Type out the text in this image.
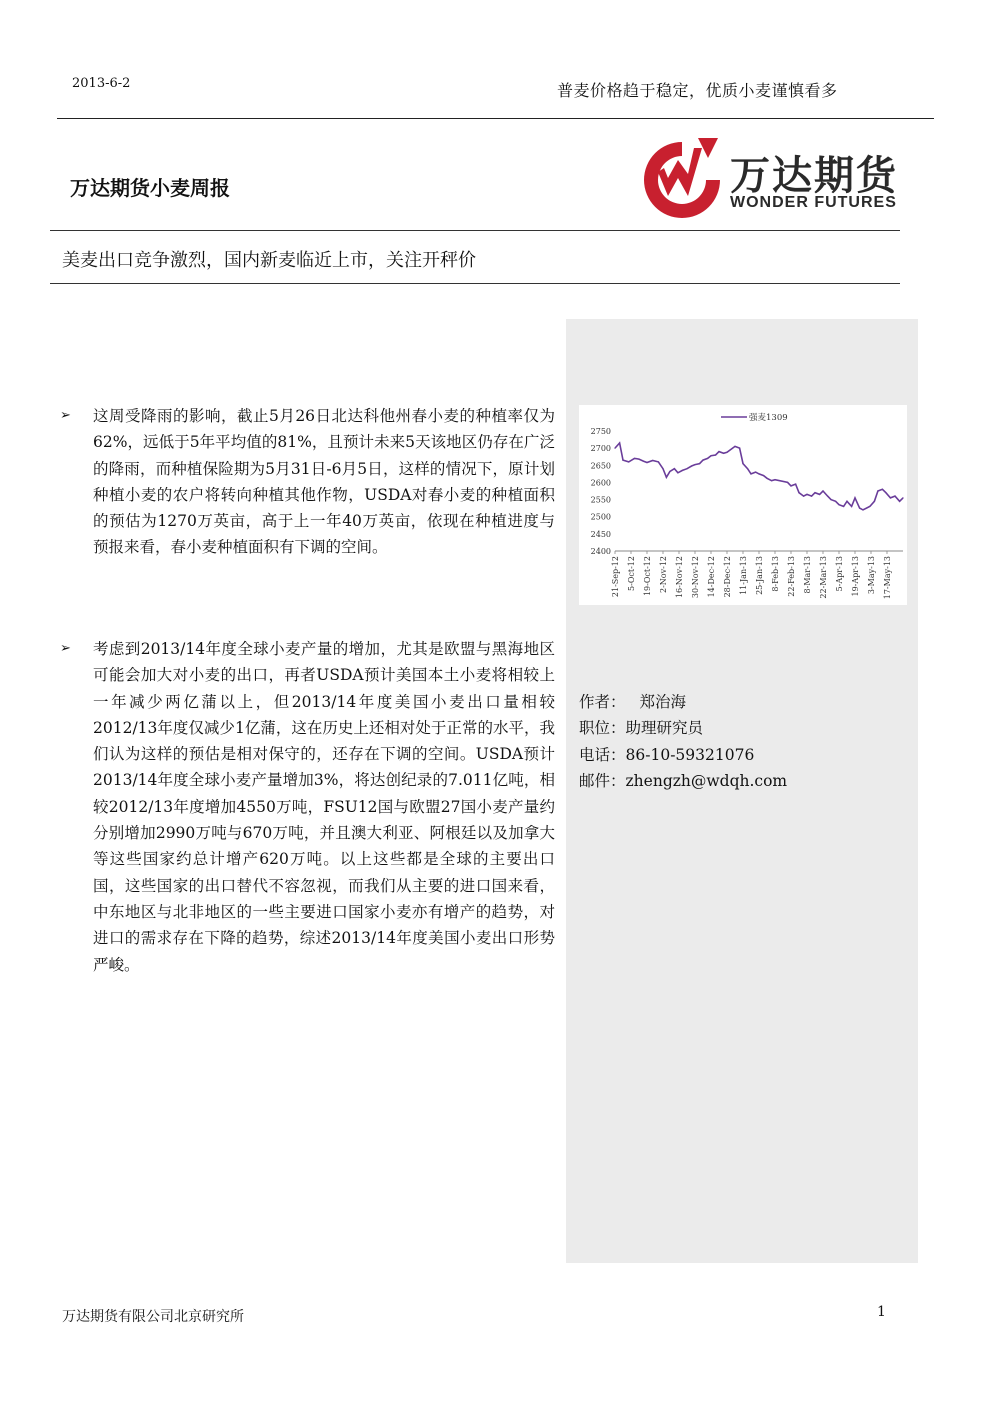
2013-6-2	普麦价格趋于稳定，优质小麦谨慎看多
万达期货小麦周报	万达期货
WONDER FUTURES
美麦出口竞争激烈，国内新麦临近上市，关注开秤价
2400
2450
2500
2550
2600
2650
2700
2750
21-Sep-12 5-Oct-12 19-Oct-12 2-Nov-12 16-Nov-12 30-Nov-12 14-Dec-12 28-Dec-12 11-Jan-13 25-Jan-13 8-Feb-13 22-Feb-13 8-Mar-13 22-Mar-13 5-Apr-13 19-Apr-13 3-May-13 17-May-13
强麦1309
➢ 这周受降雨的影响，截止5月26日北达科他州春小麦的种植率仅为62%，远低于5年平均值的81%，且预计未来5天该地区仍存在广泛的降雨，而种植保险期为5月31日-6月5日，这样的情况下，原计划种植小麦的农户将转向种植其他作物，USDA对春小麦的种植面积的预估为1270万英亩，高于上一年40万英亩，依现在种植进度与预报来看，春小麦种植面积有下调的空间。
➢ 考虑到2013/14年度全球小麦产量的增加，尤其是欧盟与黑海地区可能会加大对小麦的出口，再者USDA预计美国本土小麦将相较上一年减少两亿蒲以上，但2013/14年度美国小麦出口量相较2012/13年度仅减少1亿蒲，这在历史上还相对处于正常的水平，我们认为这样的预估是相对保守的，还存在下调的空间。USDA预计2013/14年度全球小麦产量增加3%，将达创纪录的7.011亿吨，相较2012/13年度增加4550万吨，FSU12国与欧盟27国小麦产量约分别增加2990万吨与670万吨，并且澳大利亚、阿根廷以及加拿大等这些国家约总计增产620万吨。以上这些都是全球的主要出口国，这些国家的出口替代不容忽视，而我们从主要的进口国来看，中东地区与北非地区的一些主要进口国家小麦亦有增产的趋势，对进口的需求存在下降的趋势，综述2013/14年度美国小麦出口形势严峻。
作者： 郑治海
职位：助理研究员
电话：86-10-59321076
邮件：zhengzh@wdqh.com
万达期货有限公司北京研究所	1
